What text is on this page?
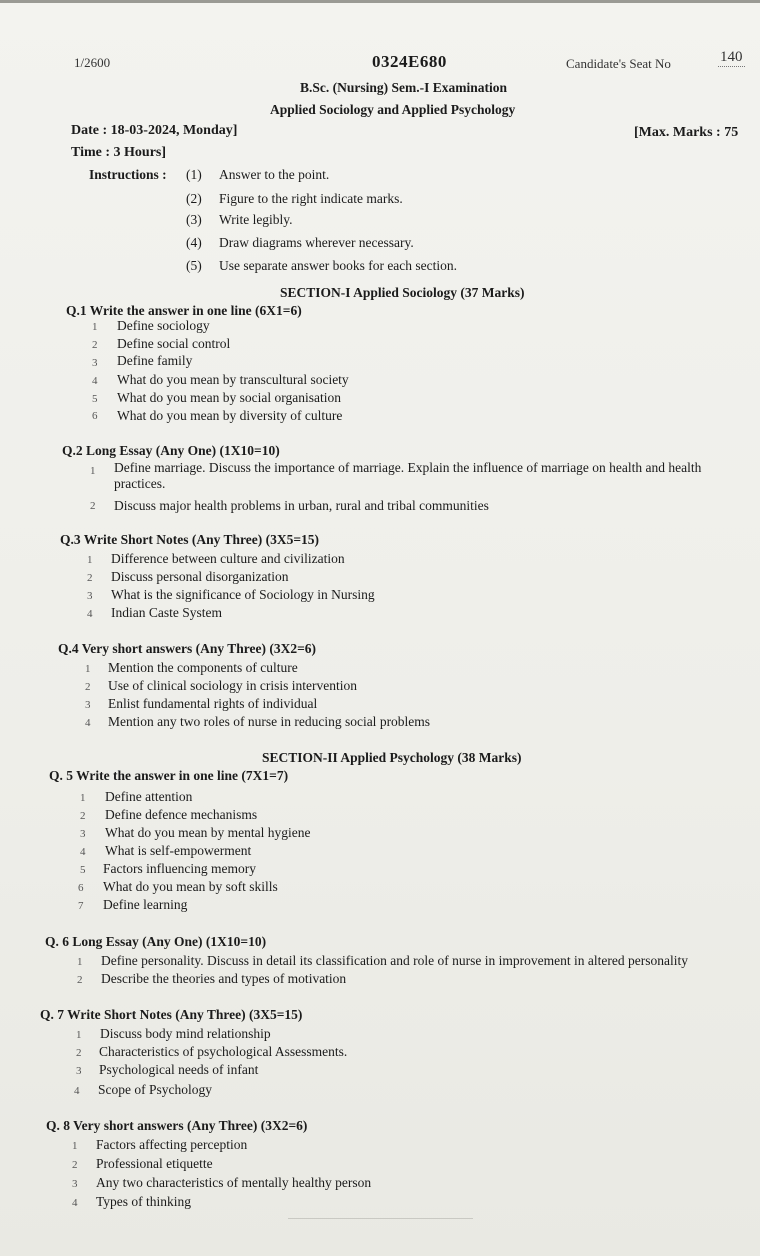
1/2600	0324E680	Candidate's Seat No	140
B.Sc. (Nursing) Sem.-I Examination
Applied Sociology and Applied Psychology
Date : 18-03-2024, Monday]
Time : 3 Hours]
[Max. Marks : 75
Instructions : (1) Answer to the point.
(2) Figure to the right indicate marks.
(3) Write legibly.
(4) Draw diagrams wherever necessary.
(5) Use separate answer books for each section.
SECTION-I Applied Sociology (37 Marks)
Q.1 Write the answer in one line (6X1=6)
1 Define sociology
2 Define social control
3 Define family
4 What do you mean by transcultural society
5 What do you mean by social organisation
6 What do you mean by diversity of culture
Q.2 Long Essay (Any One) (1X10=10)
1 Define marriage. Discuss the importance of marriage. Explain the influence of marriage on health and health practices.
2 Discuss major health problems in urban, rural and tribal communities
Q.3 Write Short Notes (Any Three) (3X5=15)
1 Difference between culture and civilization
2 Discuss personal disorganization
3 What is the significance of Sociology in Nursing
4 Indian Caste System
Q.4 Very short answers (Any Three) (3X2=6)
1 Mention the components of culture
2 Use of clinical sociology in crisis intervention
3 Enlist fundamental rights of individual
4 Mention any two roles of nurse in reducing social problems
SECTION-II Applied Psychology (38 Marks)
Q. 5 Write the answer in one line (7X1=7)
1 Define attention
2 Define defence mechanisms
3 What do you mean by mental hygiene
4 What is self-empowerment
5 Factors influencing memory
6 What do you mean by soft skills
7 Define learning
Q. 6 Long Essay (Any One) (1X10=10)
1 Define personality. Discuss in detail its classification and role of nurse in improvement in altered personality
2 Describe the theories and types of motivation
Q. 7 Write Short Notes (Any Three) (3X5=15)
1 Discuss body mind relationship
2 Characteristics of psychological Assessments.
3 Psychological needs of infant
4 Scope of Psychology
Q. 8 Very short answers (Any Three) (3X2=6)
1 Factors affecting perception
2 Professional etiquette
3 Any two characteristics of mentally healthy person
4 Types of thinking
